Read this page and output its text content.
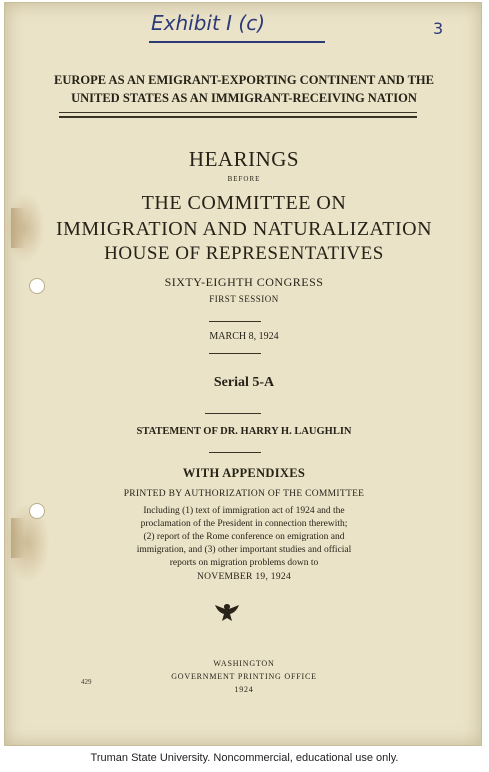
Exhibit I (c)	3
EUROPE AS AN EMIGRANT-EXPORTING CONTINENT AND THE
UNITED STATES AS AN IMMIGRANT-RECEIVING NATION
HEARINGS
BEFORE
THE COMMITTEE ON
IMMIGRATION AND NATURALIZATION
HOUSE OF REPRESENTATIVES
SIXTY-EIGHTH CONGRESS
FIRST SESSION
MARCH 8, 1924
Serial 5-A
STATEMENT OF DR. HARRY H. LAUGHLIN
WITH APPENDIXES
PRINTED BY AUTHORIZATION OF THE COMMITTEE
Including (1) text of immigration act of 1924 and the
proclamation of the President in connection therewith;
(2) report of the Rome conference on emigration and
immigration, and (3) other important studies and official
reports on migration problems down to
NOVEMBER 19, 1924
WASHINGTON
GOVERNMENT PRINTING OFFICE
1924
429
Truman State University. Noncommercial, educational use only.
